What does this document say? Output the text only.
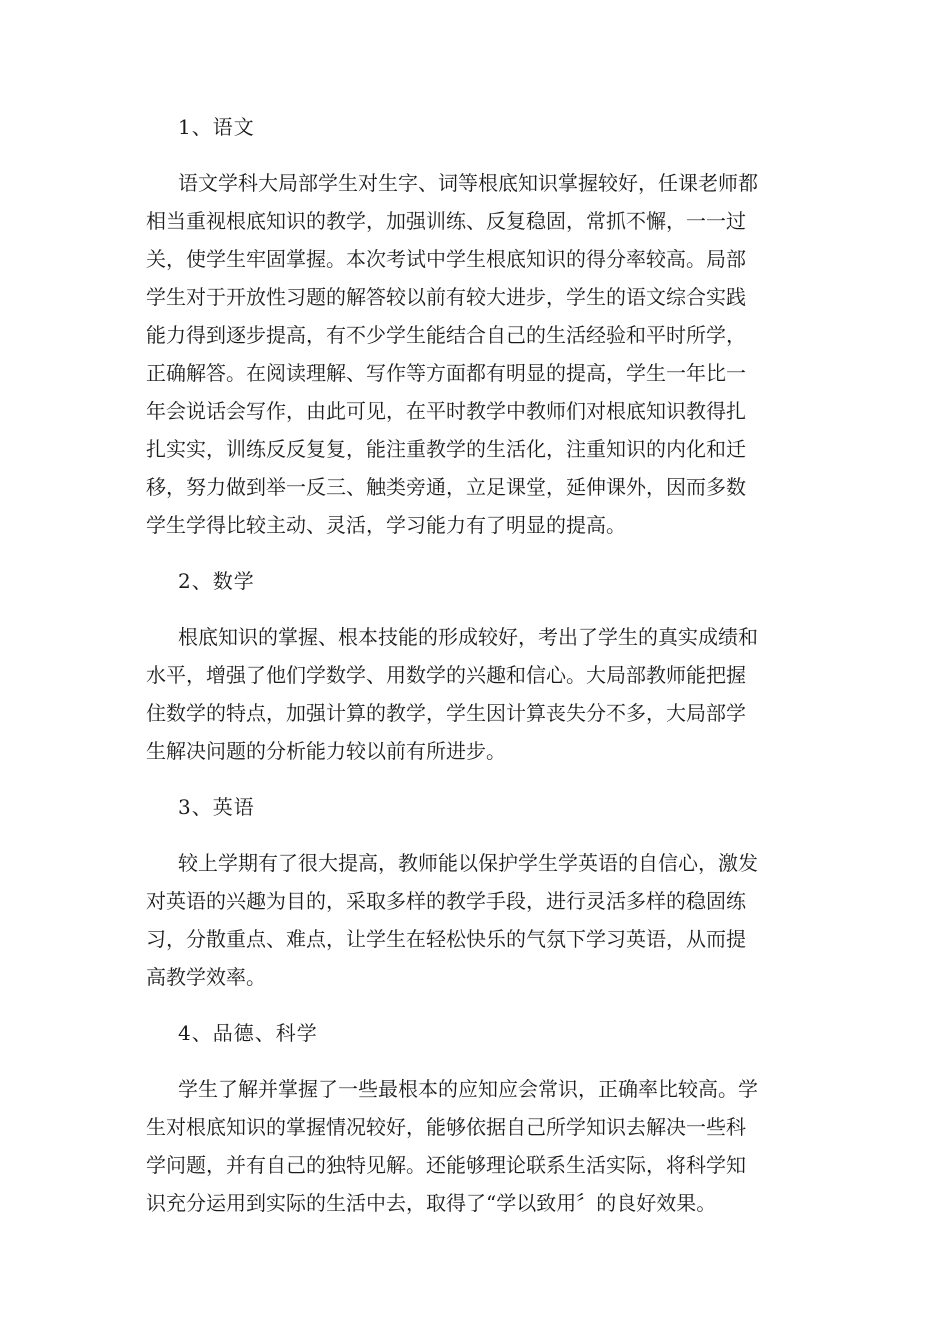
1、语文

语文学科大局部学生对生字、词等根底知识掌握较好，任课老师都
相当重视根底知识的教学，加强训练、反复稳固，常抓不懈，一一过
关，使学生牢固掌握。本次考试中学生根底知识的得分率较高。局部
学生对于开放性习题的解答较以前有较大进步，学生的语文综合实践
能力得到逐步提高，有不少学生能结合自己的生活经验和平时所学，
正确解答。在阅读理解、写作等方面都有明显的提高，学生一年比一
年会说话会写作，由此可见，在平时教学中教师们对根底知识教得扎
扎实实，训练反反复复，能注重教学的生活化，注重知识的内化和迁
移，努力做到举一反三、触类旁通，立足课堂，延伸课外，因而多数
学生学得比较主动、灵活，学习能力有了明显的提高。

2、数学

根底知识的掌握、根本技能的形成较好，考出了学生的真实成绩和
水平，增强了他们学数学、用数学的兴趣和信心。大局部教师能把握
住数学的特点，加强计算的教学，学生因计算丧失分不多，大局部学
生解决问题的分析能力较以前有所进步。

3、英语

较上学期有了很大提高，教师能以保护学生学英语的自信心，激发
对英语的兴趣为目的，采取多样的教学手段，进行灵活多样的稳固练
习，分散重点、难点，让学生在轻松快乐的气氛下学习英语，从而提
高教学效率。

4、品德、科学

学生了解并掌握了一些最根本的应知应会常识，正确率比较高。学
生对根底知识的掌握情况较好，能够依据自己所学知识去解决一些科
学问题，并有自己的独特见解。还能够理论联系生活实际，将科学知
识充分运用到实际的生活中去，取得了“学以致用〞的良好效果。
